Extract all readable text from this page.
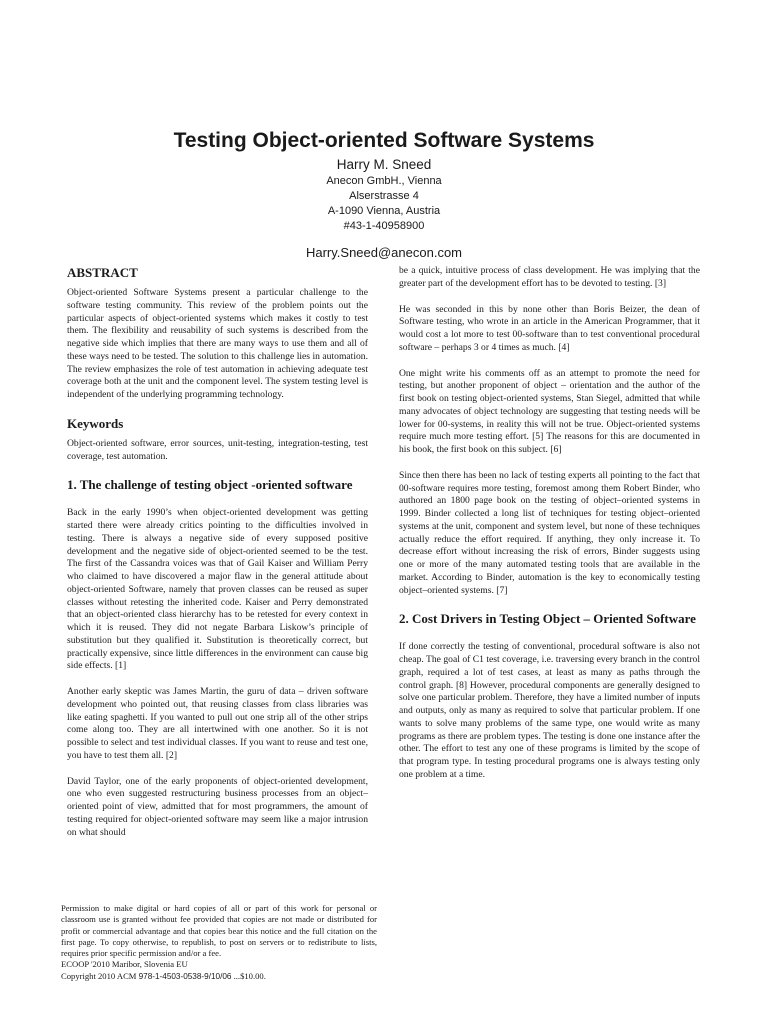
Testing Object-oriented Software Systems
Harry M. Sneed
Anecon GmbH., Vienna
Alserstrasse 4
A-1090 Vienna, Austria
#43-1-40958900
Harry.Sneed@anecon.com
ABSTRACT

Object-oriented Software Systems present a particular challenge to the software testing community. This review of the problem points out the particular aspects of object-oriented systems which makes it costly to test them. The flexibility and reusability of such systems is described from the negative side which implies that there are many ways to use them and all of these ways need to be tested. The solution to this challenge lies in automation. The review emphasizes the role of test automation in achieving adequate test coverage both at the unit and the component level. The system testing level is independent of the underlying programming technology.

Keywords

Object-oriented software, error sources, unit-testing, integration-testing, test coverage, test automation.

1. The challenge of testing object -oriented software

Back in the early 1990’s when object-oriented development was getting started there were already critics pointing to the difficulties involved in testing. There is always a negative side of every supposed positive development and the negative side of object-oriented seemed to be the test. The first of the Cassandra voices was that of Gail Kaiser and William Perry who claimed to have discovered a major flaw in the general attitude about object-oriented Software, namely that proven classes can be reused as super classes without retesting the inherited code. Kaiser and Perry demonstrated that an object-oriented class hierarchy has to be retested for every context in which it is reused. They did not negate Barbara Liskow’s principle of substitution but they qualified it. Substitution is theoretically correct, but practically expensive, since little differences in the environment can cause big side effects. [1]

Another early skeptic was James Martin, the guru of data – driven software development who pointed out, that reusing classes from class libraries was like eating spaghetti. If you wanted to pull out one strip all of the other strips come along too. They are all intertwined with one another. So it is not possible to select and test individual classes. If you want to reuse and test one, you have to test them all. [2]

David Taylor, one of the early proponents of object-oriented development, one who even suggested restructuring business processes from an object–oriented point of view, admitted that for most programmers, the amount of testing required for object-oriented software may seem like a major intrusion on what should

be a quick, intuitive process of class development. He was implying that the greater part of the development effort has to be devoted to testing. [3]

He was seconded in this by none other than Boris Beizer, the dean of Software testing, who wrote in an article in the American Programmer, that it would cost a lot more to test 00-software than to test conventional procedural software – perhaps 3 or 4 times as much. [4]

One might write his comments off as an attempt to promote the need for testing, but another proponent of object – orientation and the author of the first book on testing object-oriented systems, Stan Siegel, admitted that while many advocates of object technology are suggesting that testing needs will be lower for 00-systems, in reality this will not be true. Object-oriented systems require much more testing effort. [5] The reasons for this are documented in his book, the first book on this subject. [6]

Since then there has been no lack of testing experts all pointing to the fact that 00-software requires more testing, foremost among them Robert Binder, who authored an 1800 page book on the testing of object–oriented systems in 1999. Binder collected a long list of techniques for testing object–oriented systems at the unit, component and system level, but none of these techniques actually reduce the effort required. If anything, they only increase it. To decrease effort without increasing the risk of errors, Binder suggests using one or more of the many automated testing tools that are available in the market. According to Binder, automation is the key to economically testing object–oriented systems. [7]

2. Cost Drivers in Testing Object – Oriented Software

If done correctly the testing of conventional, procedural software is also not cheap. The goal of C1 test coverage, i.e. traversing every branch in the control graph, required a lot of test cases, at least as many as paths through the control graph. [8] However, procedural components are generally designed to solve one particular problem. Therefore, they have a limited number of inputs and outputs, only as many as required to solve that particular problem. If one wants to solve many problems of the same type, one would write as many programs as there are problem types. The testing is done one instance after the other. The effort to test any one of these programs is limited by the scope of that program type. In testing procedural programs one is always testing only one problem at a time.

Permission to make digital or hard copies of all or part of this work for personal or classroom use is granted without fee provided that copies are not made or distributed for profit or commercial advantage and that copies bear this notice and the full citation on the first page. To copy otherwise, to republish, to post on servers or to redistribute to lists, requires prior specific permission and/or a fee.

ECOOP '2010 Maribor, Slovenia EU
Copyright 2010 ACM 978-1-4503-0538-9/10/06 ...$10.00.
